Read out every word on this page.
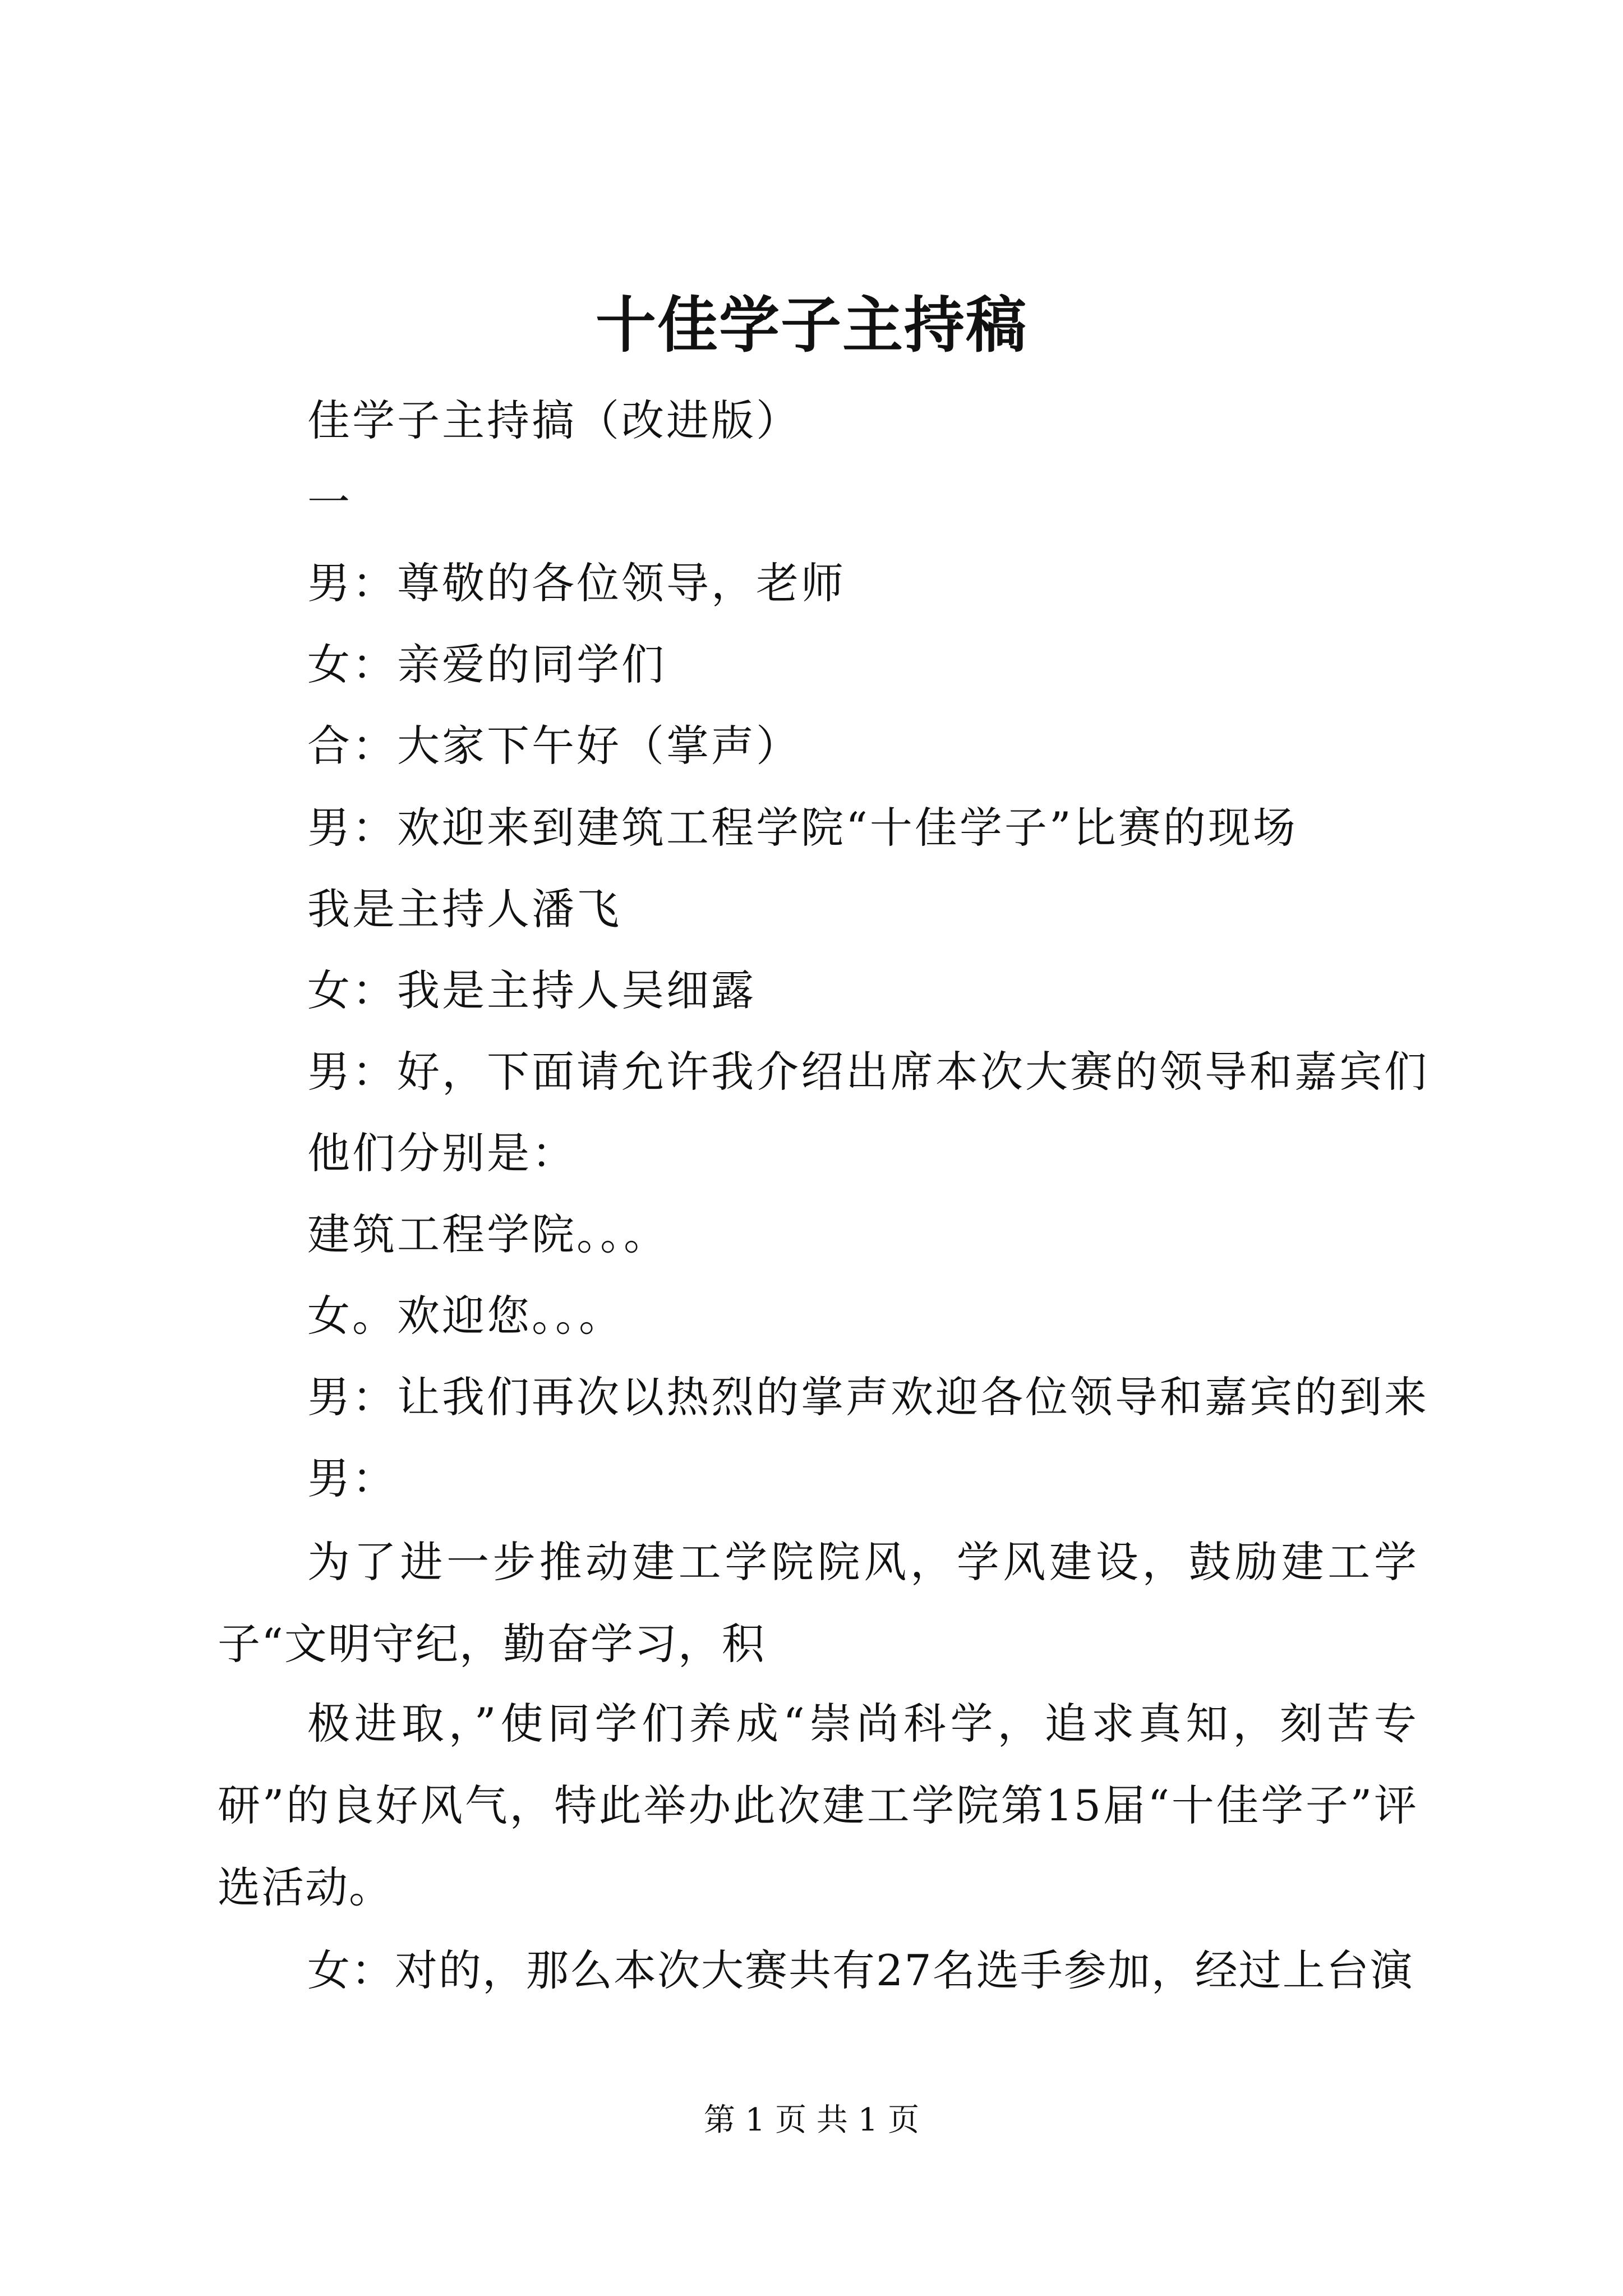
十佳学子主持稿
佳学子主持搞（改进版）
一
男：尊敬的各位领导，老师
女：亲爱的同学们
合：大家下午好（掌声）
男：欢迎来到建筑工程学院“十佳学子”比赛的现场
我是主持人潘飞
女：我是主持人吴细露
男：好，下面请允许我介绍出席本次大赛的领导和嘉宾们
他们分别是：
建筑工程学院。。。
女。欢迎您。。。
男：让我们再次以热烈的掌声欢迎各位领导和嘉宾的到来
男：
为了进一步推动建工学院院风，学风建设，鼓励建工学子“文明守纪，勤奋学习，积
极进取，”使同学们养成“崇尚科学，追求真知，刻苦专研”的良好风气，特此举办此次建工学院第15届“十佳学子”评选活动。
女：对的，那么本次大赛共有27名选手参加，经过上台演
第 1 页 共 1 页
